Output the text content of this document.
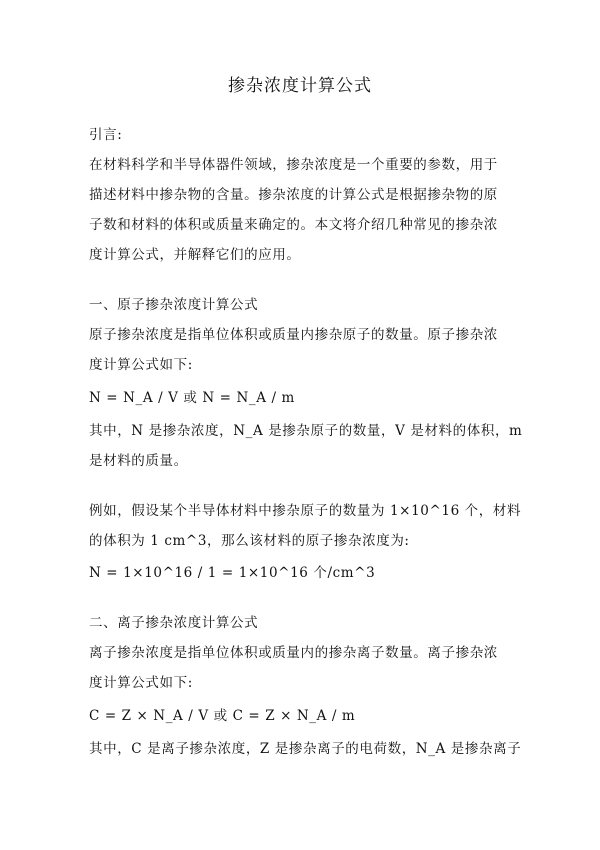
掺杂浓度计算公式
引言:
在材料科学和半导体器件领域，掺杂浓度是一个重要的参数，用于
描述材料中掺杂物的含量。掺杂浓度的计算公式是根据掺杂物的原
子数和材料的体积或质量来确定的。本文将介绍几种常见的掺杂浓
度计算公式，并解释它们的应用。
一、原子掺杂浓度计算公式
原子掺杂浓度是指单位体积或质量内掺杂原子的数量。原子掺杂浓
度计算公式如下:
N = N_A / V 或 N = N_A / m
其中，N 是掺杂浓度，N_A 是掺杂原子的数量，V 是材料的体积，m
是材料的质量。
例如，假设某个半导体材料中掺杂原子的数量为 1×10^16 个，材料
的体积为 1 cm^3，那么该材料的原子掺杂浓度为:
N = 1×10^16 / 1 = 1×10^16 个/cm^3
二、离子掺杂浓度计算公式
离子掺杂浓度是指单位体积或质量内的掺杂离子数量。离子掺杂浓
度计算公式如下:
C = Z × N_A / V 或 C = Z × N_A / m
其中，C 是离子掺杂浓度，Z 是掺杂离子的电荷数，N_A 是掺杂离子
